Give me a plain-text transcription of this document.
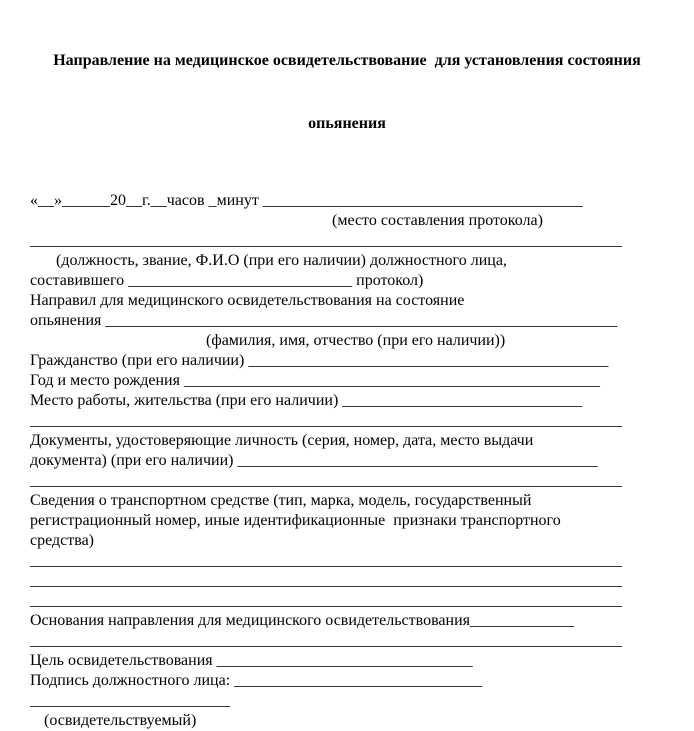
Направление на медицинское освидетельствование  для установления состояния

опьянения

«__»______20__г.__часов _минут ________________________________________
(место составления протокола)
__________________________________________________________________________
(должность, звание, Ф.И.О (при его наличии) должностного лица,
составившего ____________________________ протокол)
Направил для медицинского освидетельствования на состояние
опьянения ________________________________________________________________
(фамилия, имя, отчество (при его наличии))
Гражданство (при его наличии) _____________________________________________
Год и место рождения ____________________________________________________
Место работы, жительства (при его наличии) ______________________________
__________________________________________________________________________
Документы, удостоверяющие личность (серия, номер, дата, место выдачи
документа) (при его наличии) _____________________________________________
__________________________________________________________________________
Сведения о транспортном средстве (тип, марка, модель, государственный
регистрационный номер, иные идентификационные  признаки транспортного
средства)
__________________________________________________________________________
__________________________________________________________________________
__________________________________________________________________________
Основания направления для медицинского освидетельствования_____________
__________________________________________________________________________
Цель освидетельствования ________________________________
Подпись должностного лица: _______________________________
_________________________
(освидетельствуемый)
